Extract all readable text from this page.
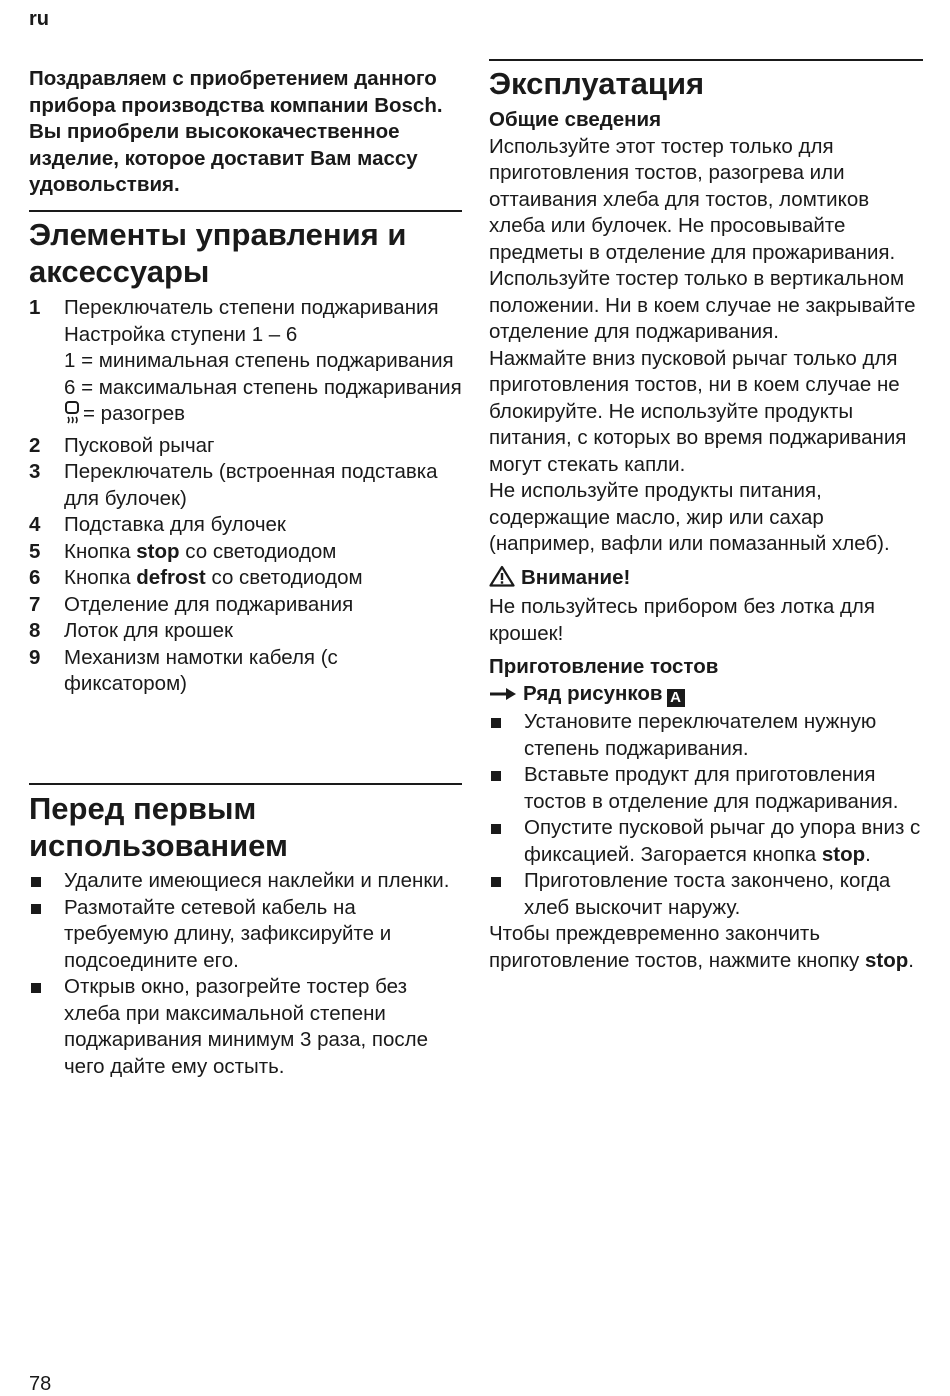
ru
Поздравляем с приобретением данного прибора производства компании Bosch. Вы приобрели высококачественное изделие, которое доставит Вам массу удовольствия.
Элементы управления и аксессуары
1 Переключатель степени поджаривания
Настройка ступени 1 – 6
1 = минимальная степень поджаривания
6 = максимальная степень поджаривания
= разогрев
2 Пусковой рычаг
3 Переключатель (встроенная подставка для булочек)
4 Подставка для булочек
5 Кнопка stop со светодиодом
6 Кнопка defrost со светодиодом
7 Отделение для поджаривания
8 Лоток для крошек
9 Механизм намотки кабеля (с фиксатором)
Перед первым использованием
Удалите имеющиеся наклейки и пленки.
Размотайте сетевой кабель на требуемую длину, зафиксируйте и подсоедините его.
Открыв окно, разогрейте тостер без хлеба при максимальной степени поджаривания минимум 3 раза, после чего дайте ему остыть.
Эксплуатация
Общие сведения

Используйте этот тостер только для приготовления тостов, разогрева или оттаивания хлеба для тостов, ломтиков хлеба или булочек. Не просовывайте предметы в отделение для прожаривания.

Используйте тостер только в вертикальном положении. Ни в коем случае не закрывайте отделение для поджаривания.

Нажмайте вниз пусковой рычаг только для приготовления тостов, ни в коем случае не блокируйте. Не используйте продукты питания, с которых во время поджаривания могут стекать капли.

Не используйте продукты питания, содержащие масло, жир или сахар (например, вафли или помазанный хлеб).

Внимание!

Не пользуйтесь прибором без лотка для крошек!

Приготовление тостов
Ряд рисунков A
Установите переключателем нужную степень поджаривания.
Вставьте продукт для приготовления тостов в отделение для поджаривания.
Опустите пусковой рычаг до упора вниз с фиксацией. Загорается кнопка stop.
Приготовление тоста закончено, когда хлеб выскочит наружу.

Чтобы преждевременно закончить приготовление тостов, нажмите кнопку stop.

78
